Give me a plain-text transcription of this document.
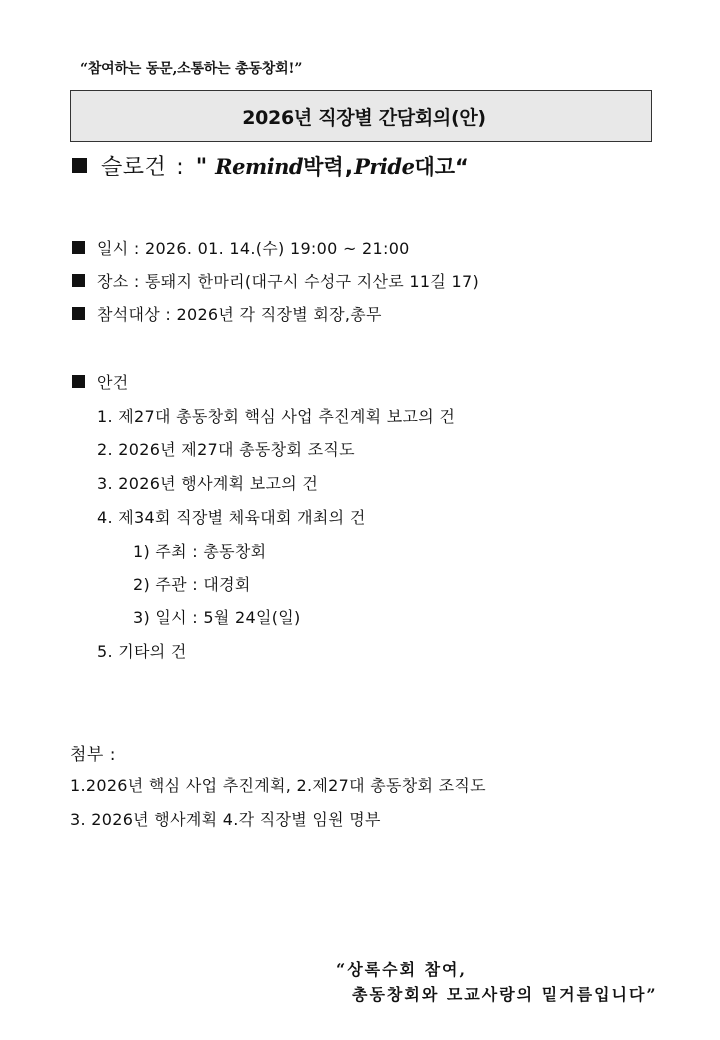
“참여하는 동문,소통하는 총동창회!”
2026년 직장별 간담회의(안)
슬로건 : " Remind 박력 , Pride 대고“
일시 : 2026. 01. 14.(수) 19:00 ~ 21:00
장소 : 통돼지 한마리(대구시 수성구 지산로 11길 17)
참석대상 : 2026년 각 직장별 회장,총무
안건
1. 제27대 총동창회 핵심 사업 추진계획 보고의 건
2. 2026년 제27대 총동창회 조직도
3. 2026년 행사계획 보고의 건
4. 제34회 직장별 체육대회 개최의 건
1) 주최 : 총동창회
2) 주관 : 대경회
3) 일시 : 5월 24일(일)
5. 기타의 건
첨부 :
1.2026년 핵심 사업 추진계획, 2.제27대 총동창회 조직도
3. 2026년 행사계획 4.각 직장별 임원 명부
“상록수회 참여,
총동창회와 모교사랑의 밑거름입니다”
